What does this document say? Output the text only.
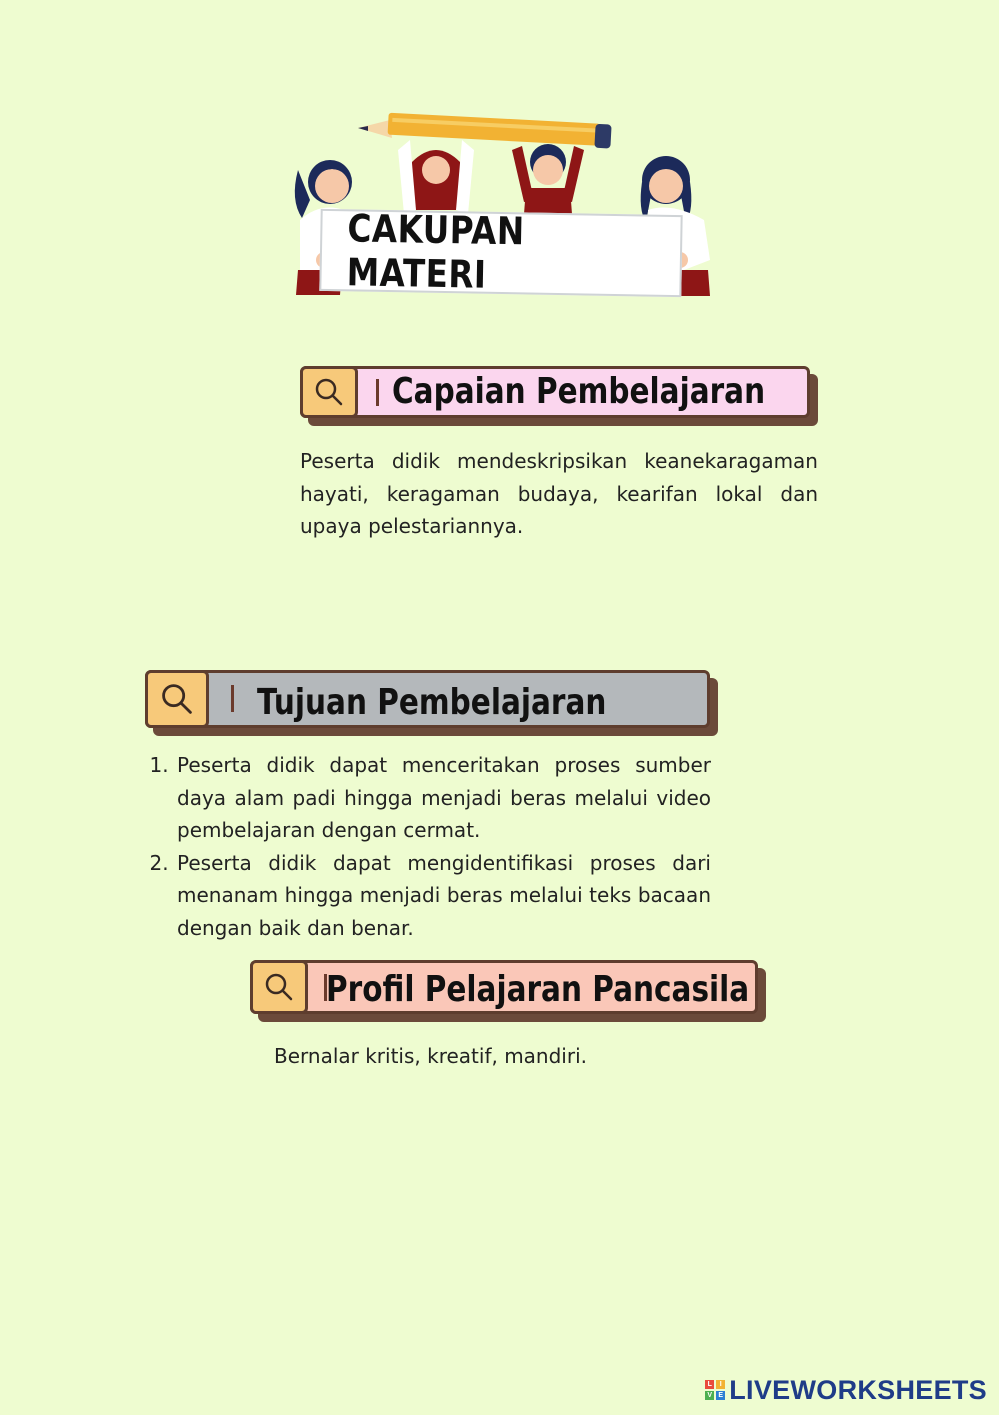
CAKUPAN MATERI
Capaian Pembelajaran
Peserta didik mendeskripsikan keanekaragaman hayati, keragaman budaya, kearifan lokal dan upaya pelestariannya.
Tujuan Pembelajaran
1. Peserta didik dapat menceritakan proses sumber daya alam padi hingga menjadi beras melalui video pembelajaran dengan cermat.
2. Peserta didik dapat mengidentifikasi proses dari menanam hingga menjadi beras melalui teks bacaan dengan baik dan benar.
Profil Pelajaran Pancasila
Bernalar kritis, kreatif, mandiri.
L	I
V E LIVEWORKSHEETS
